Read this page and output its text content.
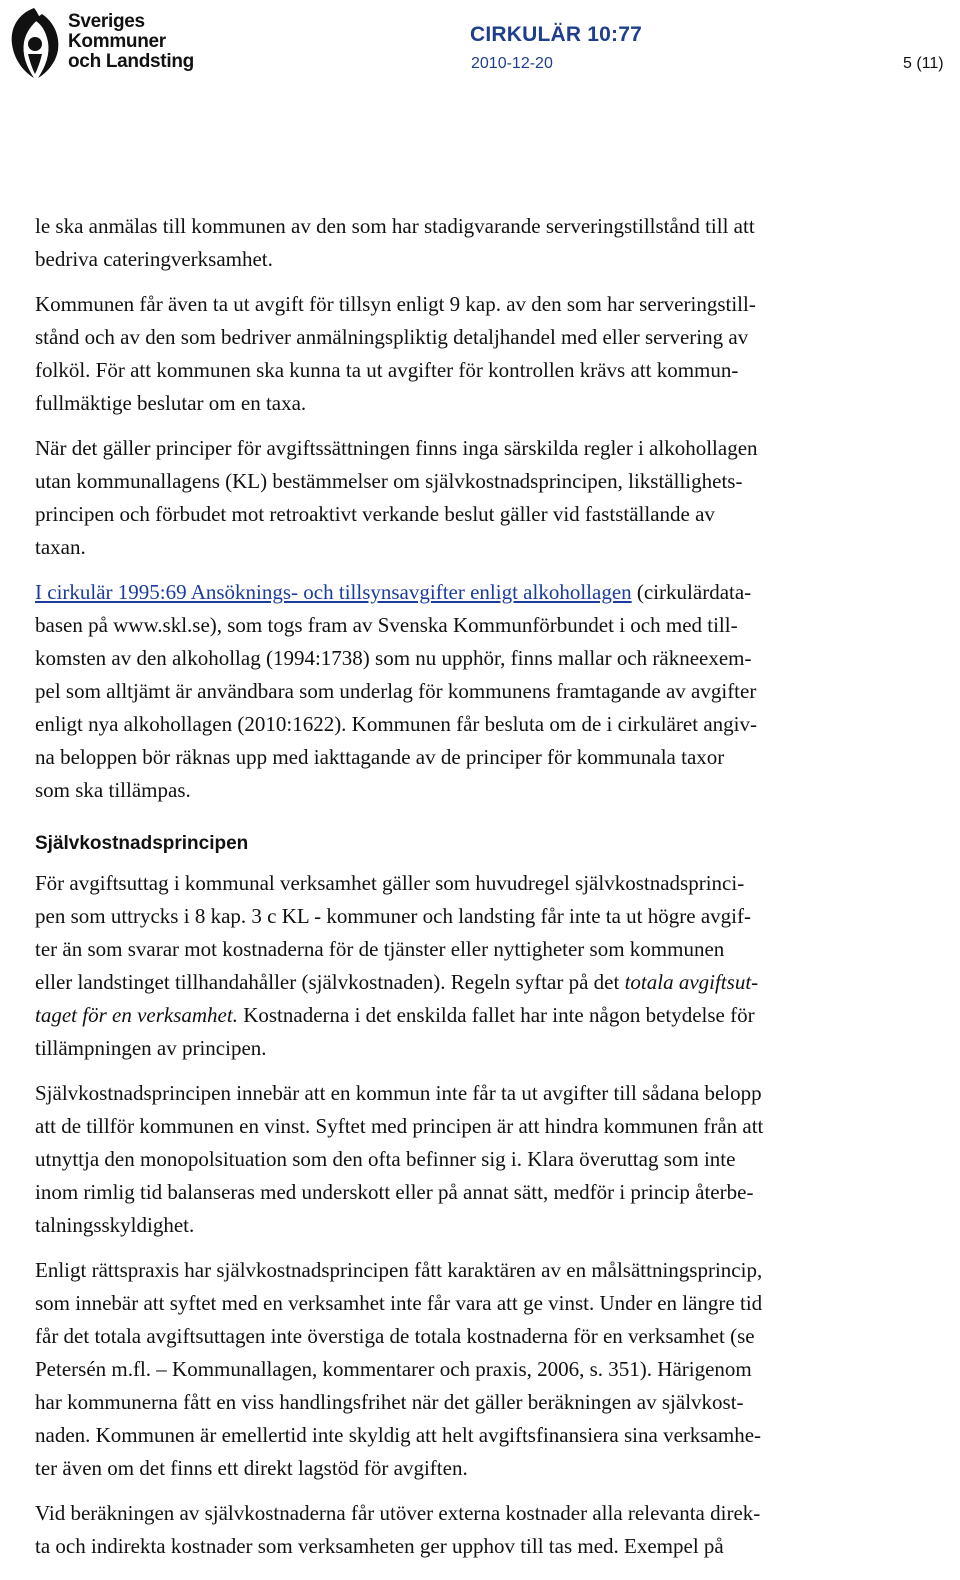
Sveriges
Kommuner
och Landsting
CIRKULÄR 10:77
2010-12-20	5 (11)

le ska anmälas till kommunen av den som har stadigvarande serveringstillstånd till att
bedriva cateringverksamhet.

Kommunen får även ta ut avgift för tillsyn enligt 9 kap. av den som har serveringstill-
stånd och av den som bedriver anmälningspliktig detaljhandel med eller servering av
folköl. För att kommunen ska kunna ta ut avgifter för kontrollen krävs att kommun-
fullmäktige beslutar om en taxa.

När det gäller principer för avgiftssättningen finns inga särskilda regler i alkohollagen
utan kommunallagens (KL) bestämmelser om självkostnadsprincipen, likställighets-
principen och förbudet mot retroaktivt verkande beslut gäller vid fastställande av
taxan.

I cirkulär 1995:69 Ansöknings- och tillsynsavgifter enligt alkohollagen (cirkulärdata-
basen på www.skl.se), som togs fram av Svenska Kommunförbundet i och med till-
komsten av den alkohollag (1994:1738) som nu upphör, finns mallar och räkneexem-
pel som alltjämt är användbara som underlag för kommunens framtagande av avgifter
enligt nya alkohollagen (2010:1622). Kommunen får besluta om de i cirkuläret angiv-
na beloppen bör räknas upp med iakttagande av de principer för kommunala taxor
som ska tillämpas.

Självkostnadsprincipen

För avgiftsuttag i kommunal verksamhet gäller som huvudregel självkostnadsprinci-
pen som uttrycks i 8 kap. 3 c KL - kommuner och landsting får inte ta ut högre avgif-
ter än som svarar mot kostnaderna för de tjänster eller nyttigheter som kommunen
eller landstinget tillhandahåller (självkostnaden). Regeln syftar på det totala avgiftsut-
taget för en verksamhet. Kostnaderna i det enskilda fallet har inte någon betydelse för
tillämpningen av principen.

Självkostnadsprincipen innebär att en kommun inte får ta ut avgifter till sådana belopp
att de tillför kommunen en vinst. Syftet med principen är att hindra kommunen från att
utnyttja den monopolsituation som den ofta befinner sig i. Klara överuttag som inte
inom rimlig tid balanseras med underskott eller på annat sätt, medför i princip återbe-
talningsskyldighet.

Enligt rättspraxis har självkostnadsprincipen fått karaktären av en målsättningsprincip,
som innebär att syftet med en verksamhet inte får vara att ge vinst. Under en längre tid
får det totala avgiftsuttagen inte överstiga de totala kostnaderna för en verksamhet (se
Petersén m.fl. – Kommunallagen, kommentarer och praxis, 2006, s. 351). Härigenom
har kommunerna fått en viss handlingsfrihet när det gäller beräkningen av självkost-
naden. Kommunen är emellertid inte skyldig att helt avgiftsfinansiera sina verksamhe-
ter även om det finns ett direkt lagstöd för avgiften.

Vid beräkningen av självkostnaderna får utöver externa kostnader alla relevanta direk-
ta och indirekta kostnader som verksamheten ger upphov till tas med. Exempel på
